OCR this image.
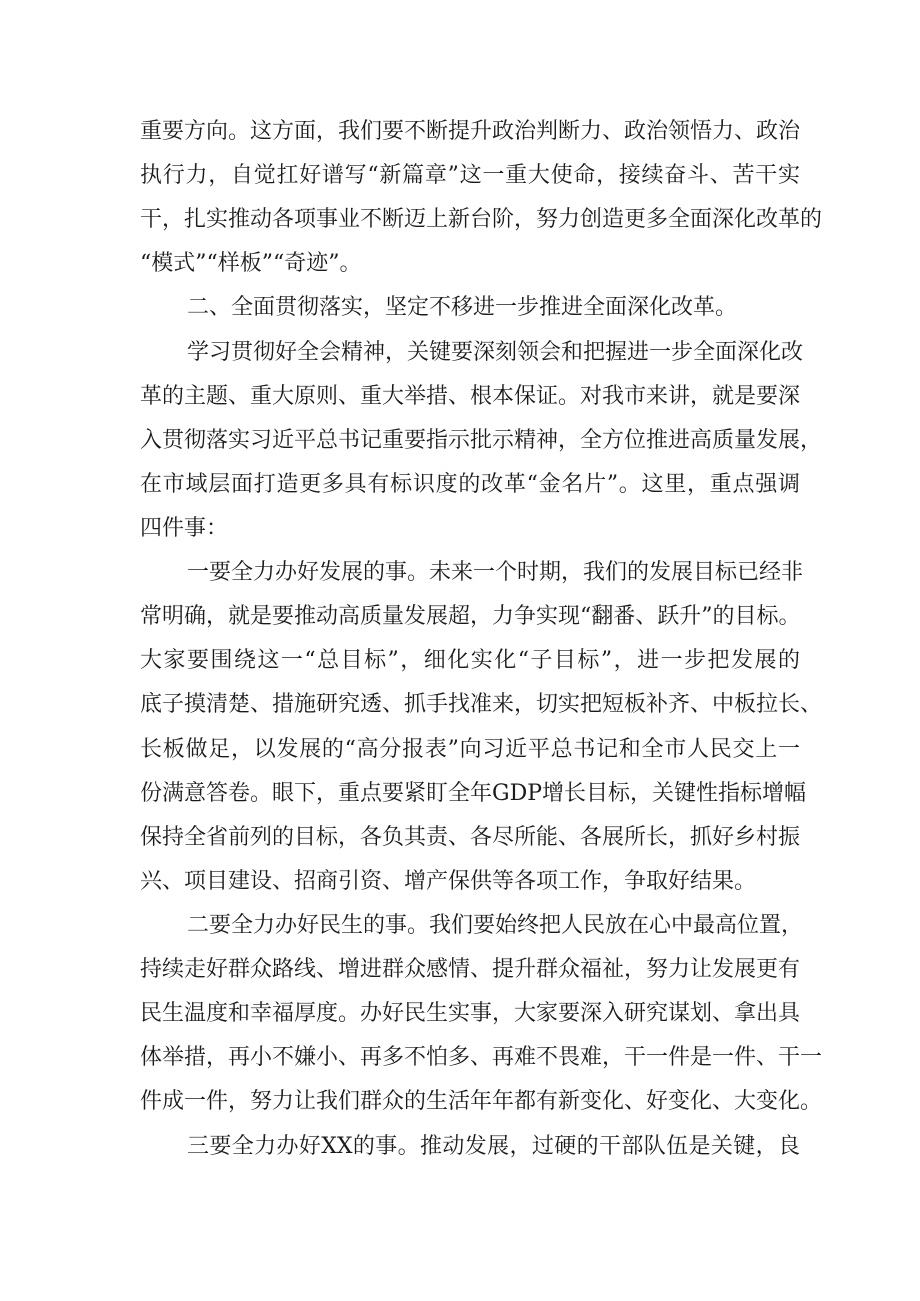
重要方向。这方面，我们要不断提升政治判断力、政治领悟力、政治
执行力，自觉扛好谱写“新篇章”这一重大使命，接续奋斗、苦干实
干，扎实推动各项事业不断迈上新台阶，努力创造更多全面深化改革的
“模式”“样板”“奇迹”。
二、全面贯彻落实，坚定不移进一步推进全面深化改革。
学习贯彻好全会精神，关键要深刻领会和把握进一步全面深化改
革的主题、重大原则、重大举措、根本保证。对我市来讲，就是要深
入贯彻落实习近平总书记重要指示批示精神，全方位推进高质量发展，
在市域层面打造更多具有标识度的改革“金名片”。这里，重点强调
四件事：
一要全力办好发展的事。未来一个时期，我们的发展目标已经非
常明确，就是要推动高质量发展超，力争实现“翻番、跃升”的目标。
大家要围绕这一“总目标”，细化实化“子目标”，进一步把发展的
底子摸清楚、措施研究透、抓手找准来，切实把短板补齐、中板拉长、
长板做足，以发展的“高分报表”向习近平总书记和全市人民交上一
份满意答卷。眼下，重点要紧盯全年GDP增长目标，关键性指标增幅
保持全省前列的目标，各负其责、各尽所能、各展所长，抓好乡村振
兴、项目建设、招商引资、增产保供等各项工作，争取好结果。
二要全力办好民生的事。我们要始终把人民放在心中最高位置，
持续走好群众路线、增进群众感情、提升群众福祉，努力让发展更有
民生温度和幸福厚度。办好民生实事，大家要深入研究谋划、拿出具
体举措，再小不嫌小、再多不怕多、再难不畏难，干一件是一件、干一
件成一件，努力让我们群众的生活年年都有新变化、好变化、大变化。
三要全力办好XX的事。推动发展，过硬的干部队伍是关键，良
